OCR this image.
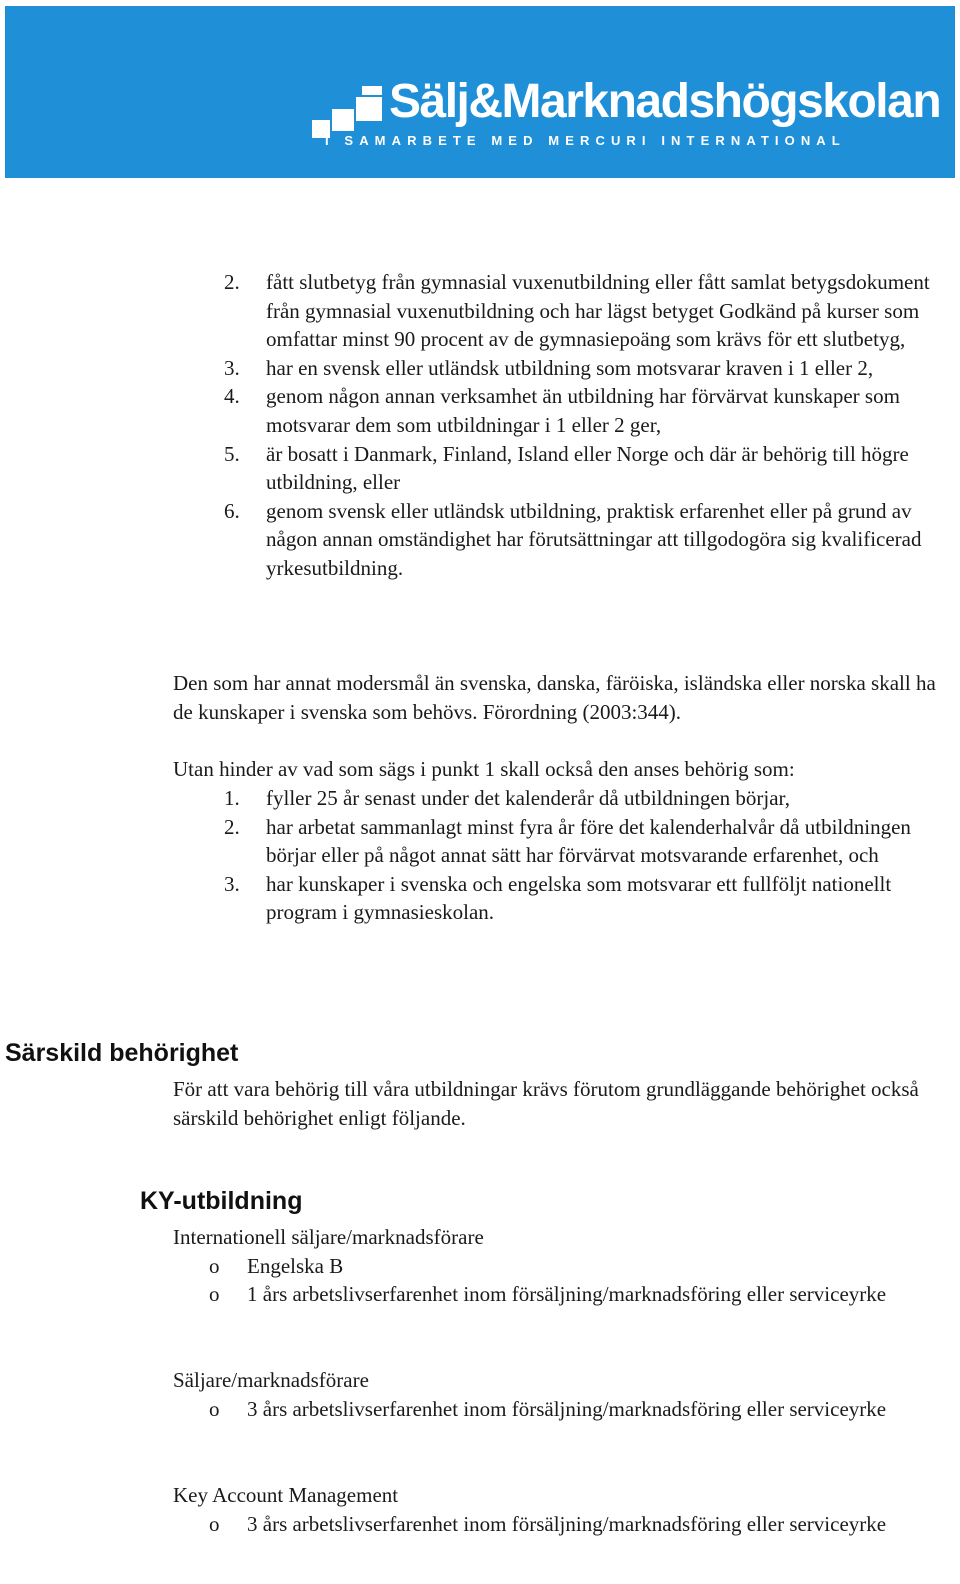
Sälj&Marknadshögskolan
I SAMARBETE MED MERCURI INTERNATIONAL
2. fått slutbetyg från gymnasial vuxenutbildning eller fått samlat betygsdokument från gymnasial vuxenutbildning och har lägst betyget Godkänd på kurser som omfattar minst 90 procent av de gymnasiepoäng som krävs för ett slutbetyg,
3. har en svensk eller utländsk utbildning som motsvarar kraven i 1 eller 2,
4. genom någon annan verksamhet än utbildning har förvärvat kunskaper som motsvarar dem som utbildningar i 1 eller 2 ger,
5. är bosatt i Danmark, Finland, Island eller Norge och där är behörig till högre utbildning, eller
6. genom svensk eller utländsk utbildning, praktisk erfarenhet eller på grund av någon annan omständighet har förutsättningar att tillgodogöra sig kvalificerad yrkesutbildning.

Den som har annat modersmål än svenska, danska, färöiska, isländska eller norska skall ha de kunskaper i svenska som behövs. Förordning (2003:344).

Utan hinder av vad som sägs i punkt 1 skall också den anses behörig som:

1. fyller 25 år senast under det kalenderår då utbildningen börjar,
2. har arbetat sammanlagt minst fyra år före det kalenderhalvår då utbildningen börjar eller på något annat sätt har förvärvat motsvarande erfarenhet, och
3. har kunskaper i svenska och engelska som motsvarar ett fullföljt nationellt program i gymnasieskolan.
Särskild behörighet

För att vara behörig till våra utbildningar krävs förutom grundläggande behörighet också särskild behörighet enligt följande.

KY-utbildning
Internationell säljare/marknadsförare
o Engelska B
o 1 års arbetslivserfarenhet inom försäljning/marknadsföring eller serviceyrke
Säljare/marknadsförare
o 3 års arbetslivserfarenhet inom försäljning/marknadsföring eller serviceyrke
Key Account Management
o 3 års arbetslivserfarenhet inom försäljning/marknadsföring eller serviceyrke
